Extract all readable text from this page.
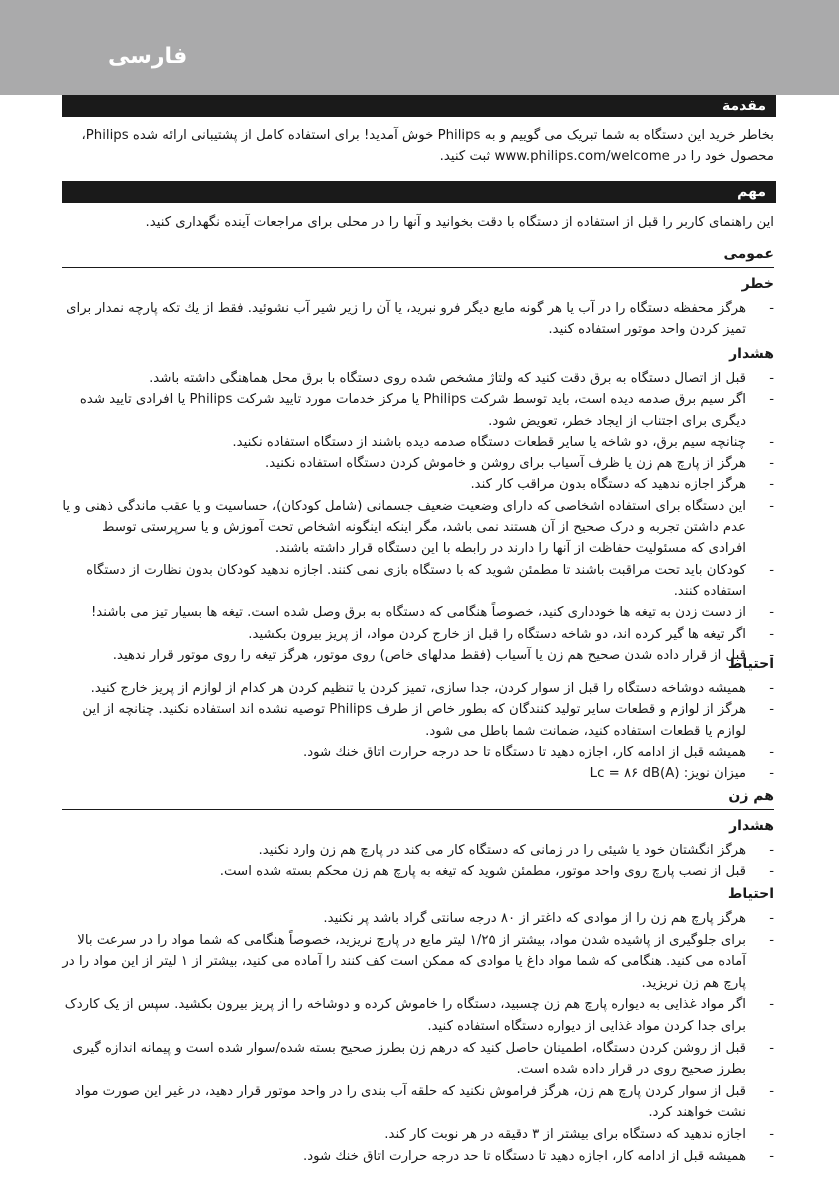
فارسی
مقدمة

بخاطر خرید این دستگاه به شما تبریک می گوییم و به Philips خوش آمدید! برای استفاده کامل از پشتیبانی ارائه شده Philips، محصول خود را در www.philips.com/welcome ثبت کنید.

مهم

این راهنمای کاربر را قبل از استفاده از دستگاه با دقت بخوانید و آنها را در محلی برای مراجعات آینده نگهداری کنید.

عمومی
خطر
- هرگز محفظه دستگاه را در آب یا هر گونه مایع دیگر فرو نبرید، یا آن را زیر شیر آب نشوئید. فقط از یك تكه پارچه نمدار برای تمیز كردن واحد موتور استفاده كنید.
هشدار
- قبل از اتصال دستگاه به برق دقت کنید که ولتاژ مشخص شده روی دستگاه با برق محل هماهنگی داشته باشد.
- اگر سیم برق صدمه دیده است، باید توسط شرکت Philips یا مرکز خدمات مورد تایید شرکت Philips یا افرادی تایید شده دیگری برای اجتناب از ایجاد خطر، تعویض شود.
- چنانچه سیم برق، دو شاخه یا سایر قطعات دستگاه صدمه دیده باشند از دستگاه استفاده نكنید.
- هرگز از پارچ هم زن یا ظرف آسیاب برای روشن و خاموش كردن دستگاه استفاده نكنید.
- هرگز اجازه ندهید كه دستگاه بدون مراقب كار كند.
- این دستگاه برای استفاده اشخاصی که دارای وضعیت ضعیف جسمانی (شامل کودکان)، حساسیت و یا عقب ماندگی ذهنی و یا عدم داشتن تجربه و درک صحیح از آن هستند نمی باشد، مگر اینکه اینگونه اشخاص تحت آموزش و یا سرپرستی توسط افرادی که مسئولیت حفاظت از آنها را دارند در رابطه با این دستگاه قرار داشته باشند.
- کودکان باید تحت مراقبت باشند تا مطمئن شوید که با دستگاه بازی نمی کنند. اجازه ندهید کودکان بدون نظارت از دستگاه استفاده کنند.
- از دست زدن به تیغه ها خودداری کنید، خصوصاً هنگامی که دستگاه به برق وصل شده است. تیغه ها بسیار تیز می باشند!
- اگر تیغه ها گیر کرده اند، دو شاخه دستگاه را قبل از خارج کردن مواد، از پریز بیرون بکشید.
- قبل از قرار داده شدن صحیح هم زن یا آسیاب (فقط مدلهای خاص) روی موتور، هرگز تیغه را روی موتور قرار ندهید.
احتیاط
- همیشه دوشاخه دستگاه را قبل از سوار کردن، جدا سازی، تمیز کردن یا تنظیم کردن هر کدام از لوازم از پریز خارج کنید.
- هرگز از لوازم و قطعات سایر تولید کنندگان که بطور خاص از طرف Philips توصیه نشده اند استفاده نکنید. چنانچه از این لوازم یا قطعات استفاده کنید، ضمانت شما باطل می شود.
- همیشه قبل از ادامه کار، اجازه دهید تا دستگاه تا حد درجه حرارت اتاق خنك شود.
- میزان نویز: Lc = ۸۶ dB(A)
هم زن
هشدار
- هرگز انگشتان خود یا شیئی را در زمانی که دستگاه کار می کند در پارچ هم زن وارد نکنید.
- قبل از نصب پارچ روی واحد موتور، مطمئن شوید که تیغه به پارچ هم زن محکم بسته شده است.
احتیاط
- هرگز پارچ هم زن را از موادی که داغتر از ۸۰ درجه سانتی گراد باشد پر نکنید.
- برای جلوگیری از پاشیده شدن مواد، بیشتر از ۱/۲۵ لیتر مایع در پارچ نریزید، خصوصاً هنگامی که شما مواد را در سرعت بالا آماده می کنید. هنگامی که شما مواد داغ یا موادی که ممکن است کف کنند را آماده می کنید، بیشتر از ۱ لیتر از این مواد را در پارچ هم زن نریزید.
- اگر مواد غذایی به دیواره پارچ هم زن چسبید، دستگاه را خاموش کرده و دوشاخه را از پریز بیرون بکشید. سپس از یک کاردک برای جدا کردن مواد غذایی از دیواره دستگاه استفاده کنید.
- قبل از روشن کردن دستگاه، اطمینان حاصل کنید که درهم زن بطرز صحیح بسته شده/سوار شده است و پیمانه اندازه گیری بطرز صحیح روی در قرار داده شده است.
- قبل از سوار کردن پارچ هم زن، هرگز فراموش نکنید که حلقه آب بندی را در واحد موتور قرار دهید، در غیر این صورت مواد نشت خواهند کرد.
- اجازه ندهید که دستگاه برای بیشتر از ۳ دقیقه در هر نوبت کار کند.
- همیشه قبل از ادامه کار، اجازه دهید تا دستگاه تا حد درجه حرارت اتاق خنك شود.
